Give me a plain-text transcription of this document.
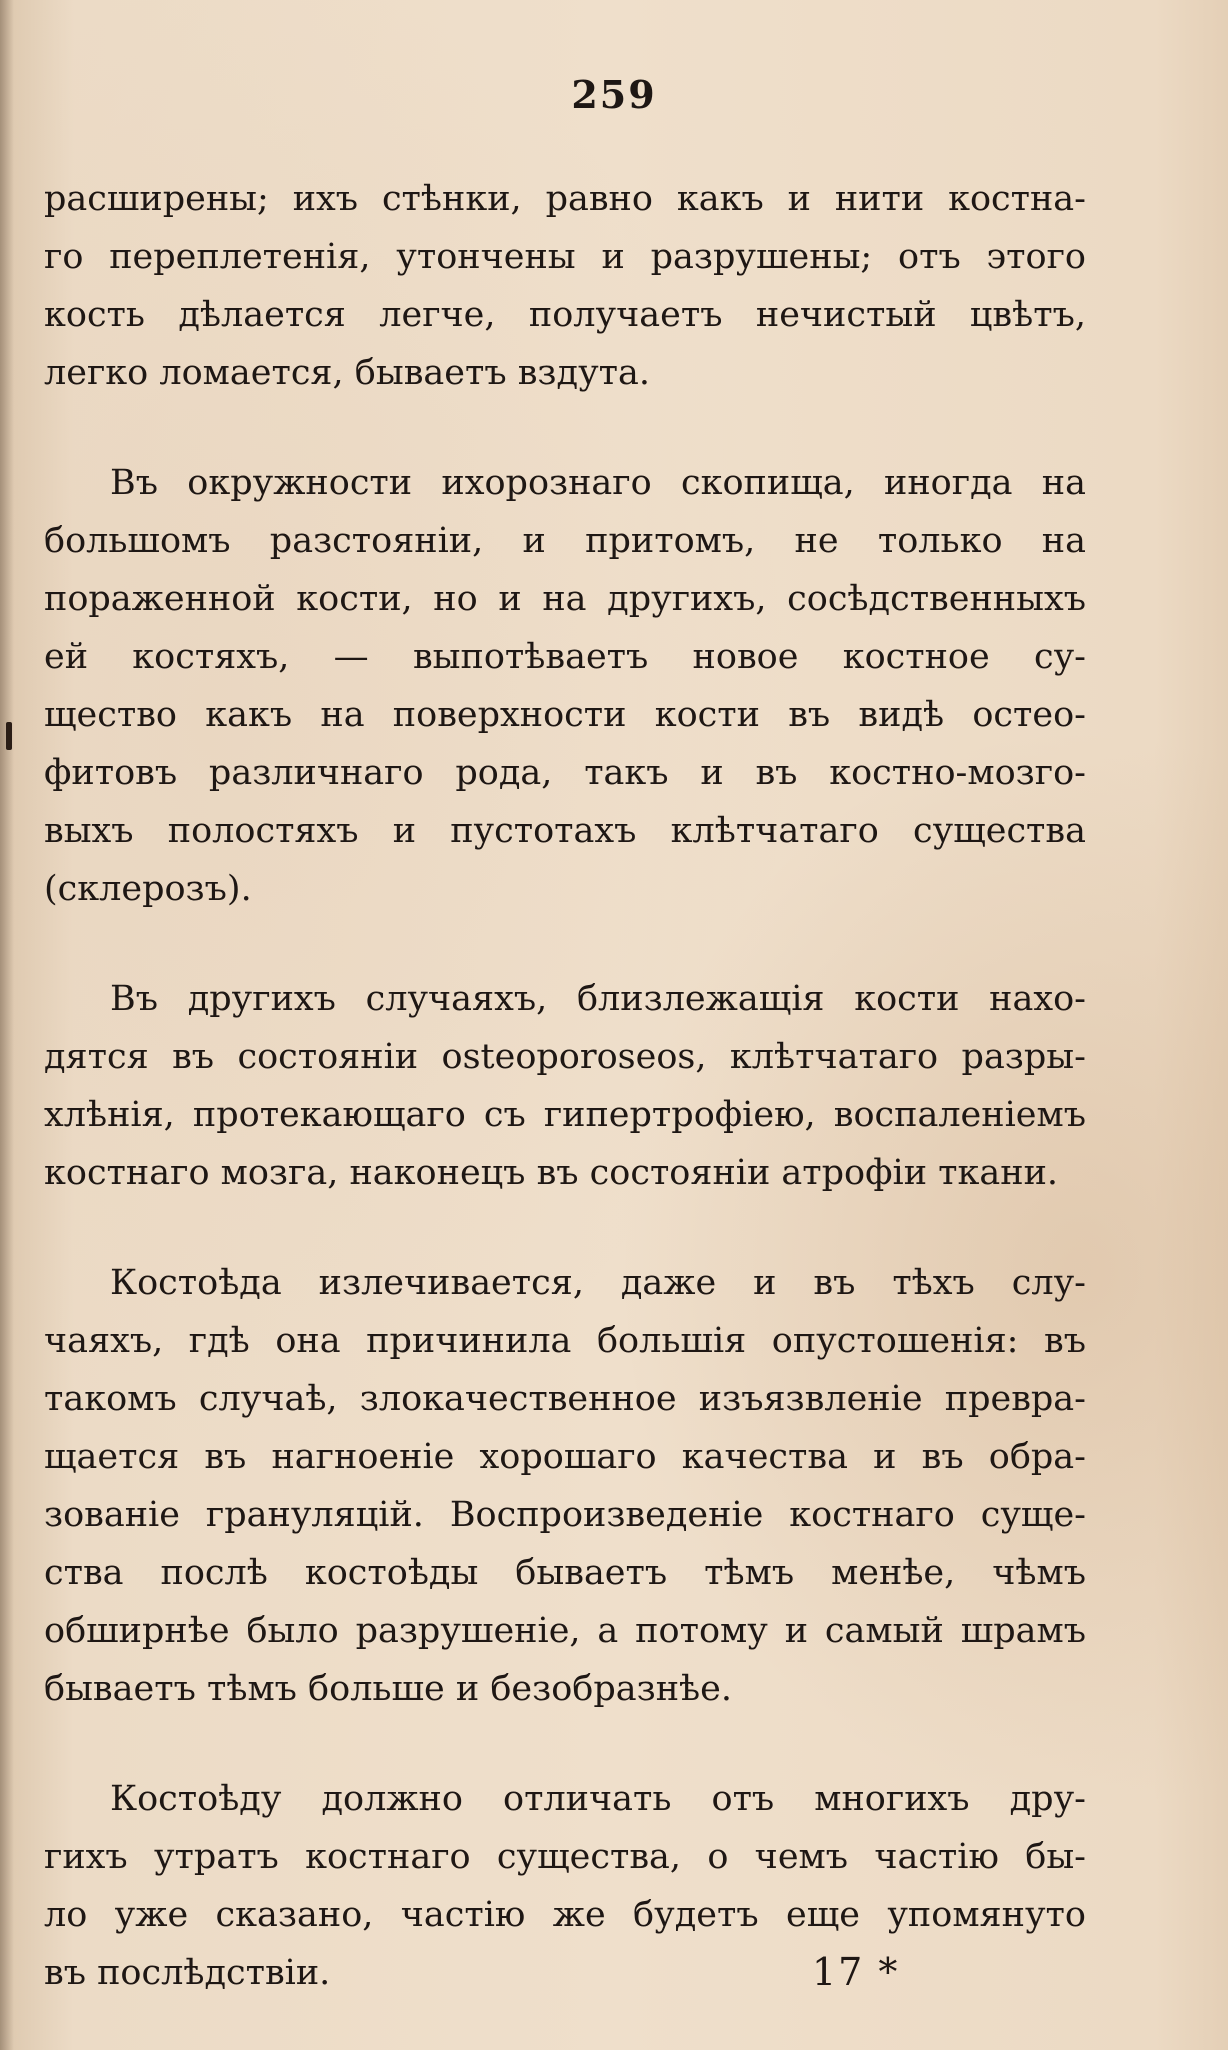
259
расширены; ихъ стѣнки, равно какъ и нити костна-
го переплетенія, утончены и разрушены; отъ этого
кость дѣлается легче, получаетъ нечистый цвѣтъ,
легко ломается, бываетъ вздута.
Въ окружности ихорознаго скопища, иногда на
большомъ разстояніи, и притомъ, не только на
пораженной кости, но и на другихъ, сосѣдственныхъ
ей костяхъ, — выпотѣваетъ новое костное су-
щество какъ на поверхности кости въ видѣ остео-
фитовъ различнаго рода, такъ и въ костно-мозго-
выхъ полостяхъ и пустотахъ клѣтчатаго существа
(склерозъ).
Въ другихъ случаяхъ, близлежащія кости нахо-
дятся въ состояніи osteoporoseos, клѣтчатаго разры-
хлѣнія, протекающаго съ гипертрофіею, воспаленіемъ
костнаго мозга, наконецъ въ состояніи атрофіи ткани.
Костоѣда излечивается, даже и въ тѣхъ слу-
чаяхъ, гдѣ она причинила большія опустошенія: въ
такомъ случаѣ, злокачественное изъязвленіе превра-
щается въ нагноеніе хорошаго качества и въ обра-
зованіе грануляцій. Воспроизведеніе костнаго суще-
ства послѣ костоѣды бываетъ тѣмъ менѣе, чѣмъ
обширнѣе было разрушеніе, а потому и самый шрамъ
бываетъ тѣмъ больше и безобразнѣе.
Костоѣду должно отличать отъ многихъ дру-
гихъ утратъ костнаго существа, о чемъ частію бы-
ло уже сказано, частію же будетъ еще упомянуто
въ послѣдствіи.	17 *
